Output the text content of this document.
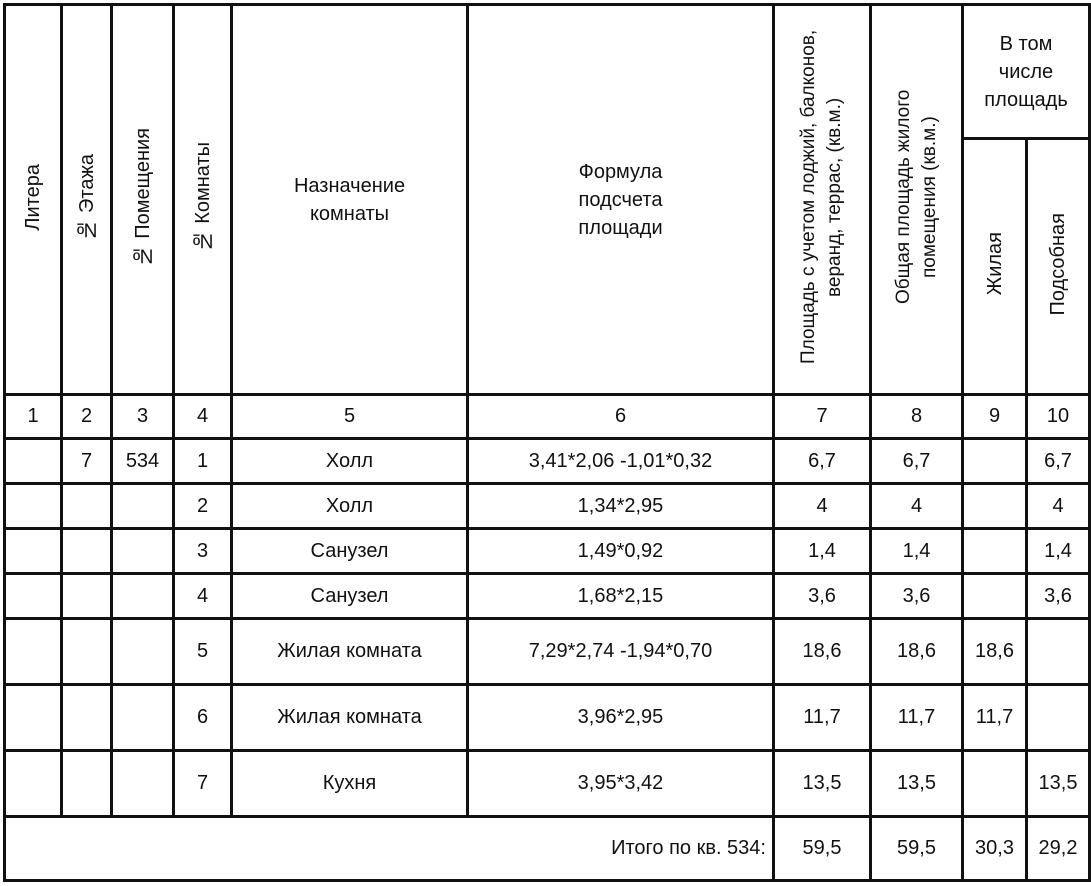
Литера	№ Этажа	№ Помещения	№ Комнаты	Назначение комнаты	Формула подсчета площади	Площадь с учетом лоджий, балконов, веранд, террас, (кв.м.)	Общая площадь жилого помещения (кв.м.)	В том числе площадь	
								Жилая	Подсобная
1	2	3	4	5	6	7	8	9	10
	7	534	1	Холл	3,41*2,06 -1,01*0,32	6,7	6,7		6,7
			2	Холл	1,34*2,95	4	4		4
			3	Санузел	1,49*0,92	1,4	1,4		1,4
			4	Санузел	1,68*2,15	3,6	3,6		3,6
			5	Жилая комната	7,29*2,74 -1,94*0,70	18,6	18,6	18,6	
			6	Жилая комната	3,96*2,95	11,7	11,7	11,7	
			7	Кухня	3,95*3,42	13,5	13,5		13,5
Итого по кв. 534:						59,5	59,5	30,3	29,2
